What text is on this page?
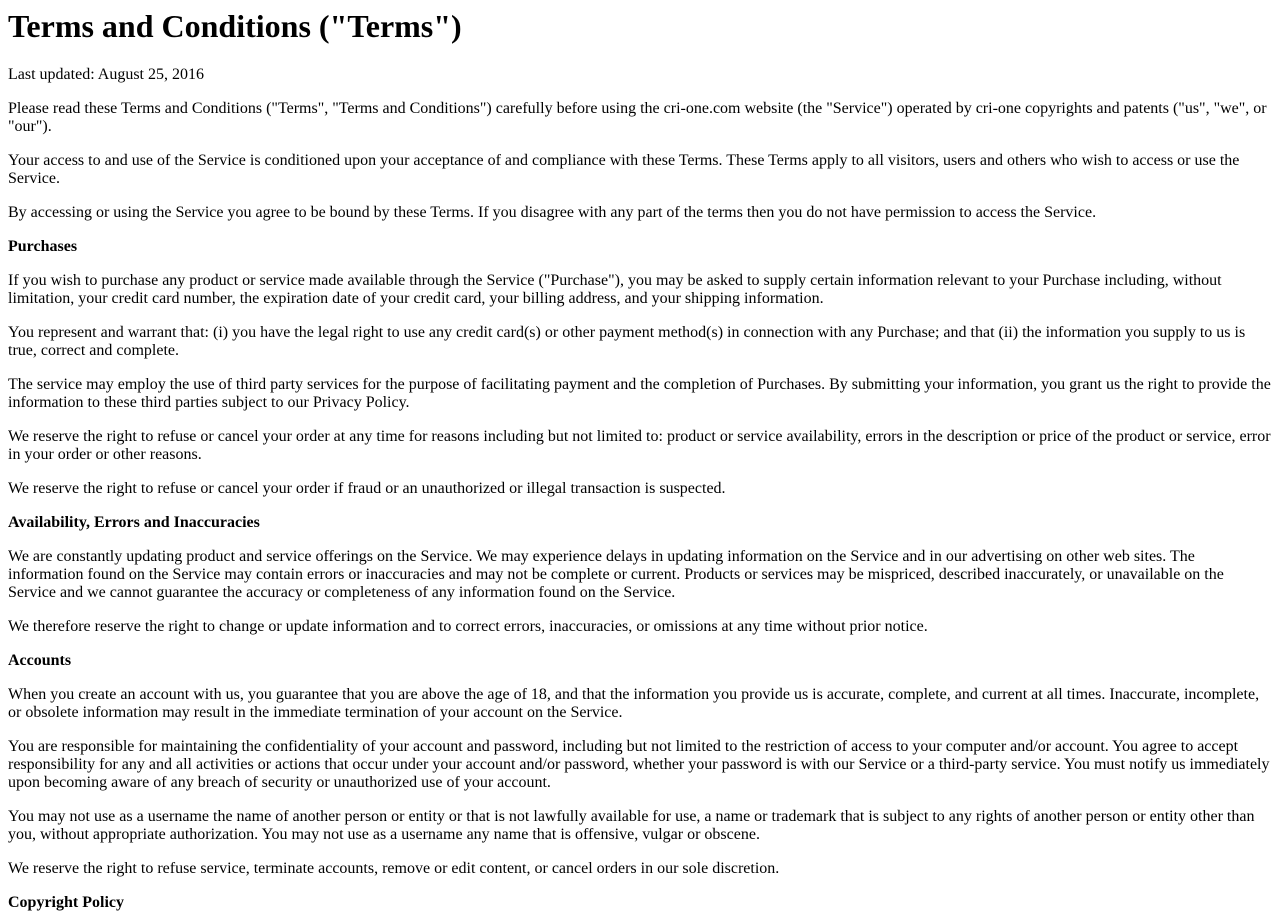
Terms and Conditions ("Terms")

Last updated: August 25, 2016

Please read these Terms and Conditions ("Terms", "Terms and Conditions") carefully before using the cri-one.com website (the "Service") operated by cri-one copyrights and patents ("us", "we", or "our").

Your access to and use of the Service is conditioned upon your acceptance of and compliance with these Terms. These Terms apply to all visitors, users and others who wish to access or use the Service.

By accessing or using the Service you agree to be bound by these Terms. If you disagree with any part of the terms then you do not have permission to access the Service.

Purchases

If you wish to purchase any product or service made available through the Service ("Purchase"), you may be asked to supply certain information relevant to your Purchase including, without limitation, your credit card number, the expiration date of your credit card, your billing address, and your shipping information.

You represent and warrant that: (i) you have the legal right to use any credit card(s) or other payment method(s) in connection with any Purchase; and that (ii) the information you supply to us is true, correct and complete.

The service may employ the use of third party services for the purpose of facilitating payment and the completion of Purchases. By submitting your information, you grant us the right to provide the information to these third parties subject to our Privacy Policy.

We reserve the right to refuse or cancel your order at any time for reasons including but not limited to: product or service availability, errors in the description or price of the product or service, error in your order or other reasons.

We reserve the right to refuse or cancel your order if fraud or an unauthorized or illegal transaction is suspected.

Availability, Errors and Inaccuracies

We are constantly updating product and service offerings on the Service. We may experience delays in updating information on the Service and in our advertising on other web sites. The information found on the Service may contain errors or inaccuracies and may not be complete or current. Products or services may be mispriced, described inaccurately, or unavailable on the Service and we cannot guarantee the accuracy or completeness of any information found on the Service.

We therefore reserve the right to change or update information and to correct errors, inaccuracies, or omissions at any time without prior notice.

Accounts

When you create an account with us, you guarantee that you are above the age of 18, and that the information you provide us is accurate, complete, and current at all times. Inaccurate, incomplete, or obsolete information may result in the immediate termination of your account on the Service.

You are responsible for maintaining the confidentiality of your account and password, including but not limited to the restriction of access to your computer and/or account. You agree to accept responsibility for any and all activities or actions that occur under your account and/or password, whether your password is with our Service or a third-party service. You must notify us immediately upon becoming aware of any breach of security or unauthorized use of your account.

You may not use as a username the name of another person or entity or that is not lawfully available for use, a name or trademark that is subject to any rights of another person or entity other than you, without appropriate authorization. You may not use as a username any name that is offensive, vulgar or obscene.

We reserve the right to refuse service, terminate accounts, remove or edit content, or cancel orders in our sole discretion.

Copyright Policy
